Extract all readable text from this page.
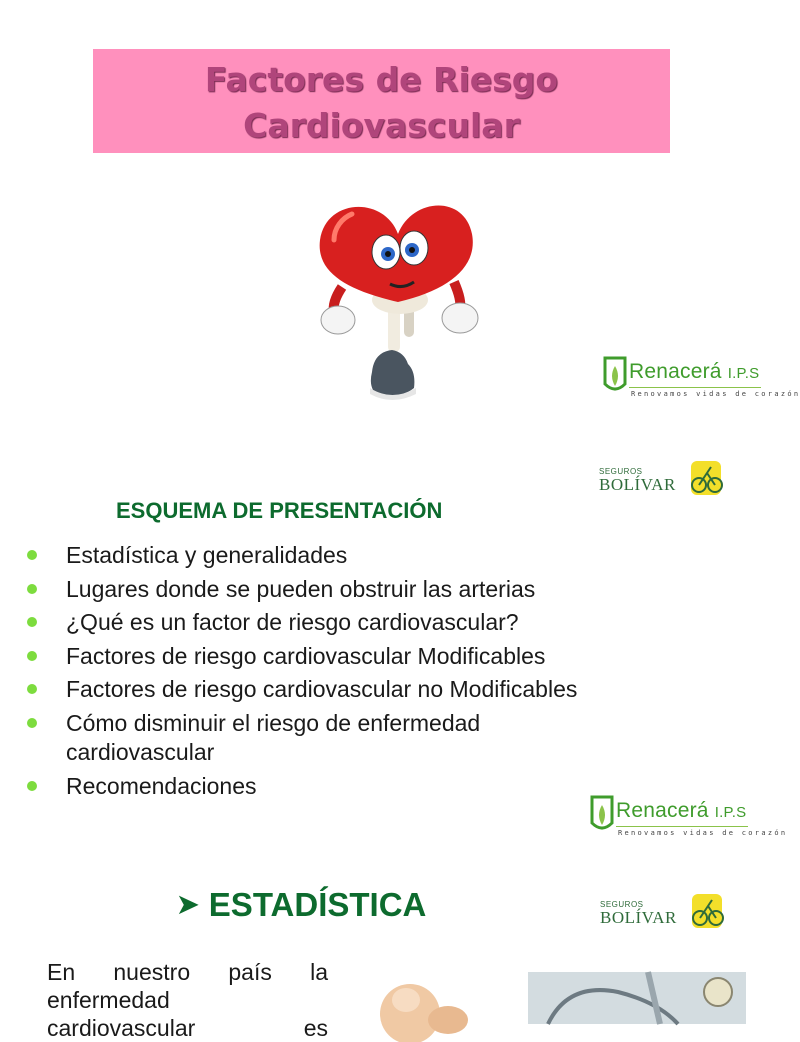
Factores de Riesgo
Cardiovascular
Renacerá I.P.S
Renovamos vidas de corazón
SEGUROS
BOLÍVAR
ESQUEMA DE PRESENTACIÓN
Estadística y generalidades
Lugares donde se pueden obstruir las arterias
¿Qué es un factor de riesgo cardiovascular?
Factores de riesgo cardiovascular Modificables
Factores de riesgo cardiovascular no Modificables
Cómo disminuir el riesgo de enfermedad cardiovascular
Recomendaciones
Renacerá I.P.S
Renovamos vidas de corazón
➤ ESTADÍSTICA	SEGUROS
BOLÍVAR
En nuestro país la
enfermedad
cardiovascular	es
